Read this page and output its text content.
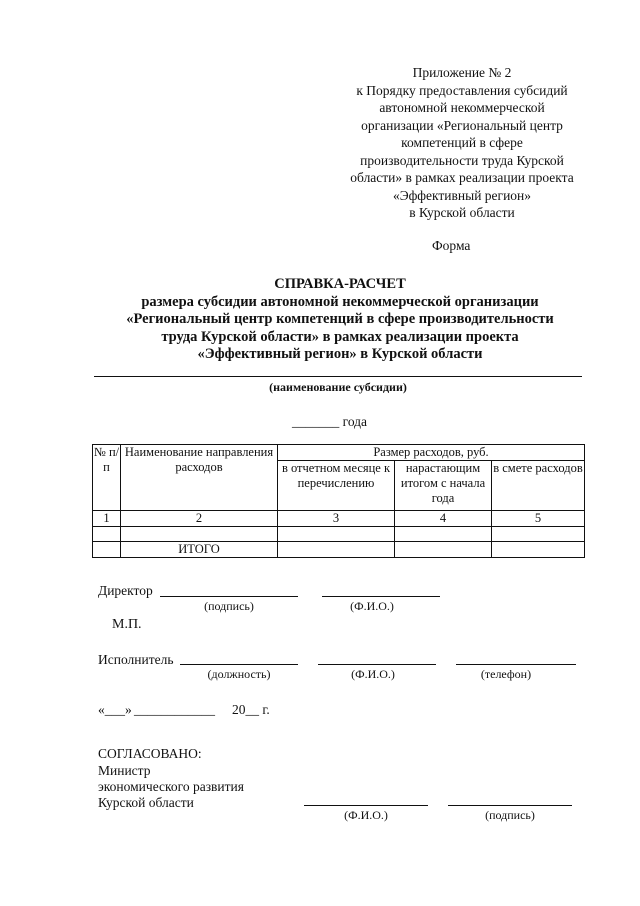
Приложение № 2
к Порядку предоставления субсидий
автономной некоммерческой
организации «Региональный центр
компетенций в сфере
производительности труда Курской
области» в рамках реализации проекта
«Эффективный регион»
в Курской области
Форма
СПРАВКА-РАСЧЕТ
размера субсидии автономной некоммерческой организации
«Региональный центр компетенций в сфере производительности
труда Курской области» в рамках реализации проекта
«Эффективный регион» в Курской области
(наименование субсидии)
_______ года
№ п/п	Наименование направления расходов	Размер расходов, руб.		
		в отчетном месяце к перечислению	нарастающим итогом с начала года	в смете расходов
1	2	3	4	5

	ИТОГО			
Директор
(подпись)	(Ф.И.О.)
М.П.
Исполнитель
(должность)	(Ф.И.О.)	(телефон)
«___» ____________ 20__ г.
СОГЛАСОВАНО:
Министр
экономического развития
Курской области
(Ф.И.О.)	(подпись)
